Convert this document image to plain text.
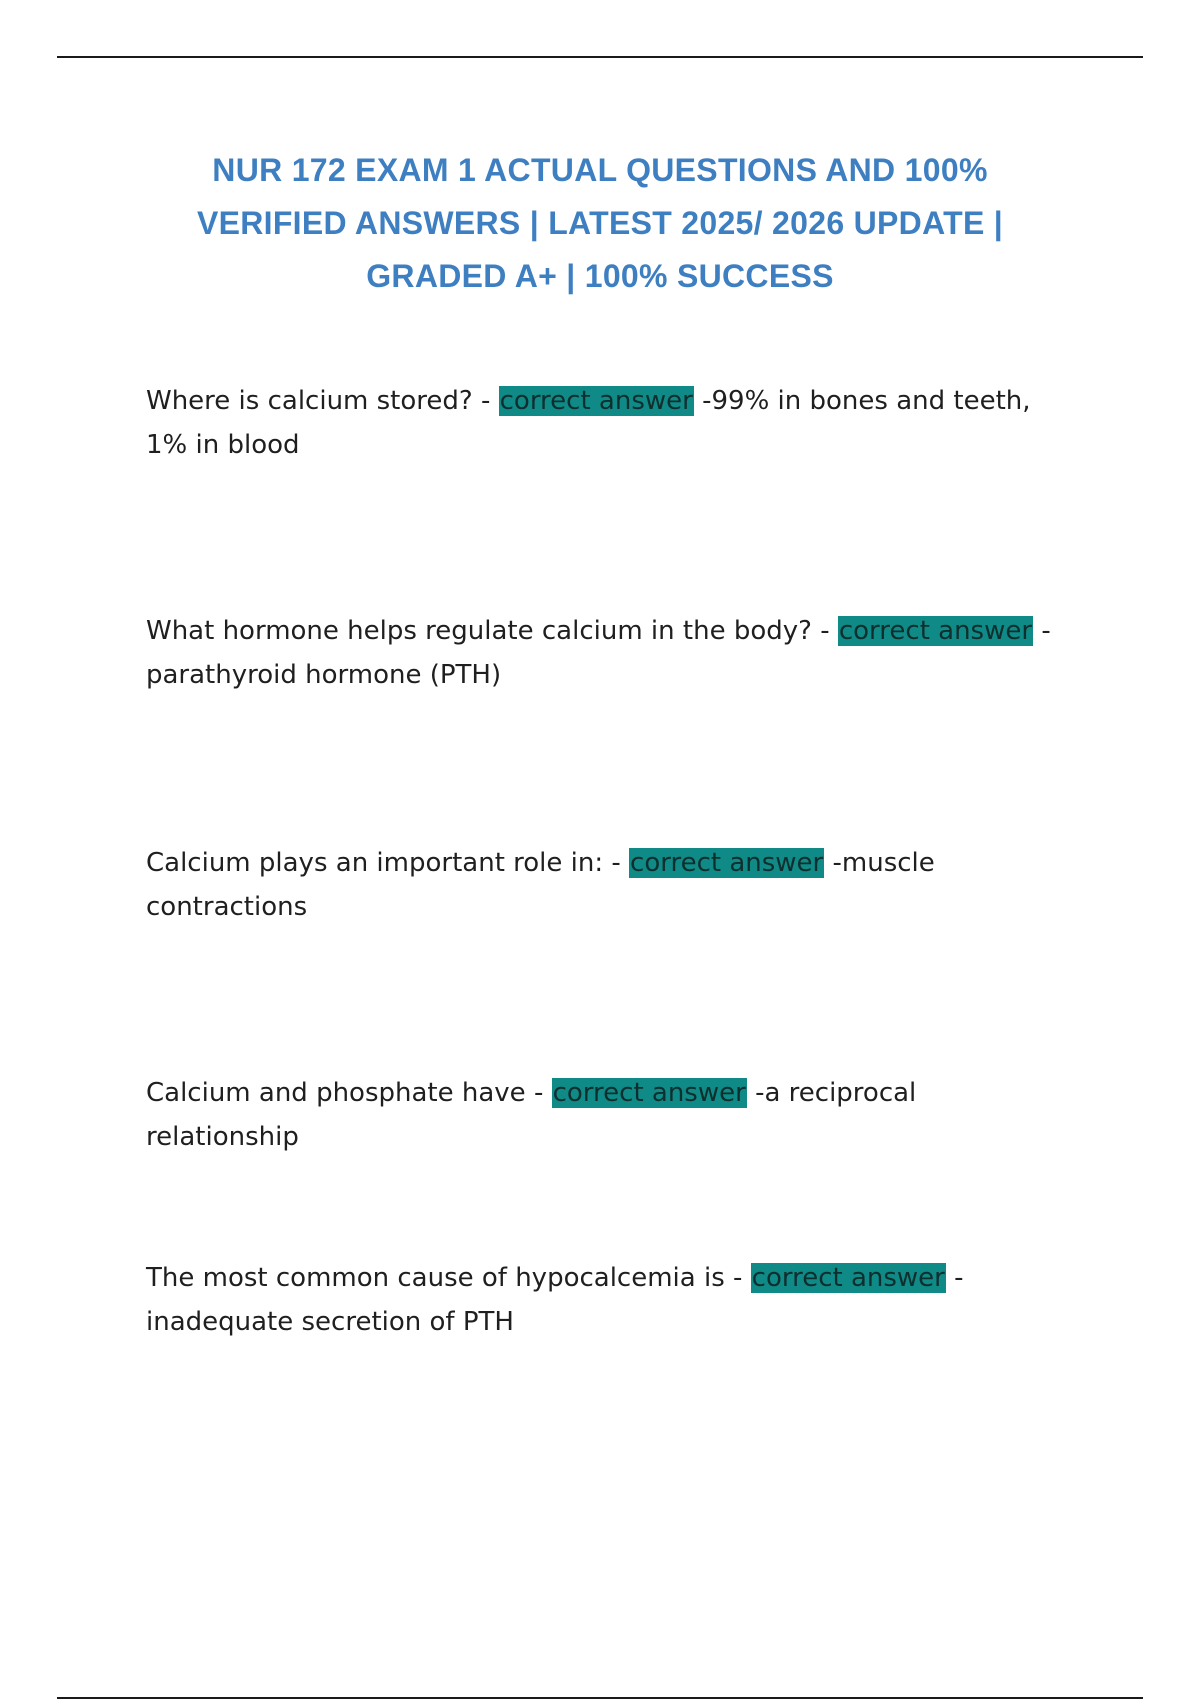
NUR 172 EXAM 1 ACTUAL QUESTIONS AND 100%
VERIFIED ANSWERS | LATEST 2025/ 2026 UPDATE |
GRADED A+ | 100% SUCCESS
Where is calcium stored? - correct answer -99% in bones and teeth, 1% in blood
What hormone helps regulate calcium in the body? - correct answer - parathyroid hormone (PTH)
Calcium plays an important role in: - correct answer -muscle contractions
Calcium and phosphate have - correct answer -a reciprocal relationship
The most common cause of hypocalcemia is - correct answer - inadequate secretion of PTH
